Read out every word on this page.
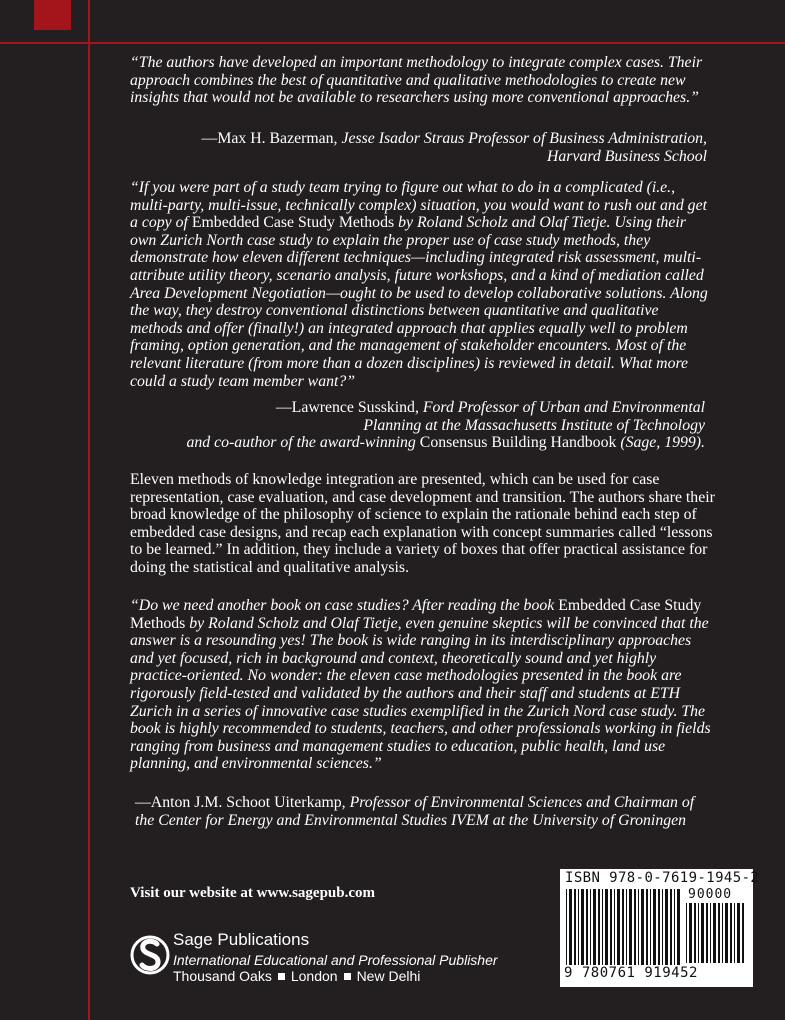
“The authors have developed an important methodology to integrate complex cases. Their approach combines the best of quantitative and qualitative methodologies to create new insights that would not be available to researchers using more conventional approaches.”

—Max H. Bazerman, Jesse Isador Straus Professor of Business Administration,
Harvard Business School

“If you were part of a study team trying to figure out what to do in a complicated (i.e., multi-party, multi-issue, technically complex) situation, you would want to rush out and get a copy of Embedded Case Study Methods by Roland Scholz and Olaf Tietje. Using their own Zurich North case study to explain the proper use of case study methods, they demonstrate how eleven different techniques—including integrated risk assessment, multi-attribute utility theory, scenario analysis, future workshops, and a kind of mediation called Area Development Negotiation—ought to be used to develop collaborative solutions. Along the way, they destroy conventional distinctions between quantitative and qualitative methods and offer (finally!) an integrated approach that applies equally well to problem framing, option generation, and the management of stakeholder encounters. Most of the relevant literature (from more than a dozen disciplines) is reviewed in detail. What more could a study team member want?”

—Lawrence Susskind, Ford Professor of Urban and Environmental
Planning at the Massachusetts Institute of Technology
and co-author of the award-winning Consensus Building Handbook (Sage, 1999).

Eleven methods of knowledge integration are presented, which can be used for case representation, case evaluation, and case development and transition. The authors share their broad knowledge of the philosophy of science to explain the rationale behind each step of embedded case designs, and recap each explanation with concept summaries called “lessons to be learned.” In addition, they include a variety of boxes that offer practical assistance for doing the statistical and qualitative analysis.

“Do we need another book on case studies? After reading the book Embedded Case Study Methods by Roland Scholz and Olaf Tietje, even genuine skeptics will be convinced that the answer is a resounding yes! The book is wide ranging in its interdisciplinary approaches and yet focused, rich in background and context, theoretically sound and yet highly practice-oriented. No wonder: the eleven case methodologies presented in the book are rigorously field-tested and validated by the authors and their staff and students at ETH Zurich in a series of innovative case studies exemplified in the Zurich Nord case study. The book is highly recommended to students, teachers, and other professionals working in fields ranging from business and management studies to education, public health, land use planning, and environmental sciences.”

—Anton J.M. Schoot Uiterkamp, Professor of Environmental Sciences and Chairman of
the Center for Energy and Environmental Studies IVEM at the University of Groningen
Visit our website at www.sagepub.com
Sage Publications
International Educational and Professional Publisher
Thousand Oaks London New Delhi
ISBN 978-0-7619-1945-2
90000
9 780761 919452
